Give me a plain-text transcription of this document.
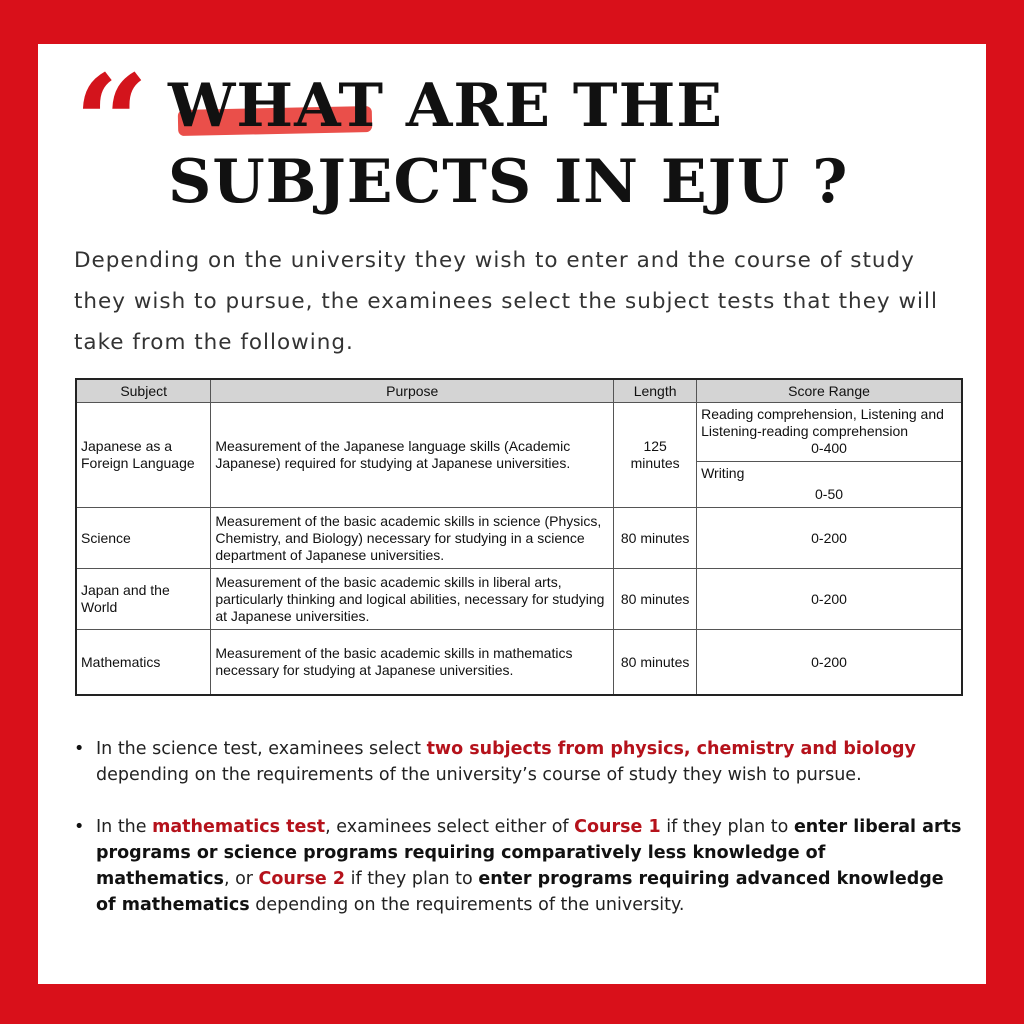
“ WHAT ARE THE
SUBJECTS IN EJU ?

Depending on the university they wish to enter and the course of study they wish to pursue, the examinees select the subject tests that they will take from the following.

Subject	Purpose	Length	Score Range
Japanese as a Foreign Language	Measurement of the Japanese language skills (Academic Japanese) required for studying at Japanese universities.	125 minutes	Reading comprehension, Listening and Listening-reading comprehension
0-400

			Writing
0-50

Science	Measurement of the basic academic skills in science (Physics, Chemistry, and Biology) necessary for studying in a science department of Japanese universities.	80 minutes	0-200
Japan and the World	Measurement of the basic academic skills in liberal arts, particularly thinking and logical abilities, necessary for studying at Japanese universities.	80 minutes	0-200
Mathematics	Measurement of the basic academic skills in mathematics necessary for studying at Japanese universities.	80 minutes	0-200
• In the science test, examinees select two subjects from physics, chemistry and biology depending on the requirements of the university’s course of study they wish to pursue.
• In the mathematics test, examinees select either of Course 1 if they plan to enter liberal arts programs or science programs requiring comparatively less knowledge of mathematics, or Course 2 if they plan to enter programs requiring advanced knowledge of mathematics depending on the requirements of the university.
